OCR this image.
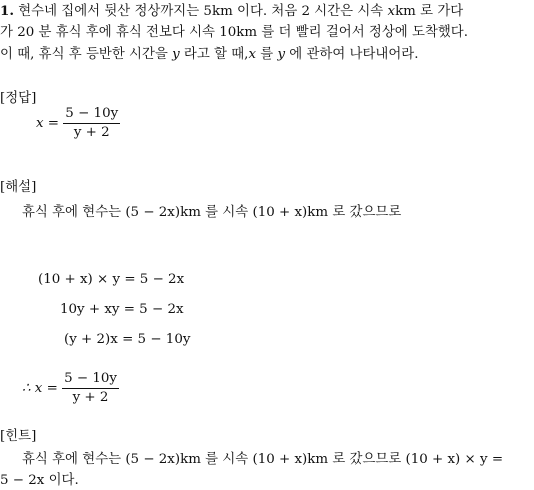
1. 현수네 집에서 뒷산 정상까지는 5km 이다. 처음 2 시간은 시속 xkm 로 가다
가 20 분 휴식 후에 휴식 전보다 시속 10km 를 더 빨리 걸어서 정상에 도착했다.
이 때, 휴식 후 등반한 시간을 y 라고 할 때,x 를 y 에 관하여 나타내어라.
[정답]
$x = \frac{5 - 10y}{y + 2}$
[해설]
휴식 후에 현수는 (5 − 2x)km 를 시속 (10 + x)km 로 갔으므로
(10 + x) × y = 5 − 2x
10y + xy = 5 − 2x
(y + 2)x = 5 − 10y
∴ $x = \frac{5 - 10y}{y + 2}$
[힌트]
휴식 후에 현수는 (5 − 2x)km 를 시속 (10 + x)km 로 갔으므로 (10 + x) × y =
5 − 2x 이다.
